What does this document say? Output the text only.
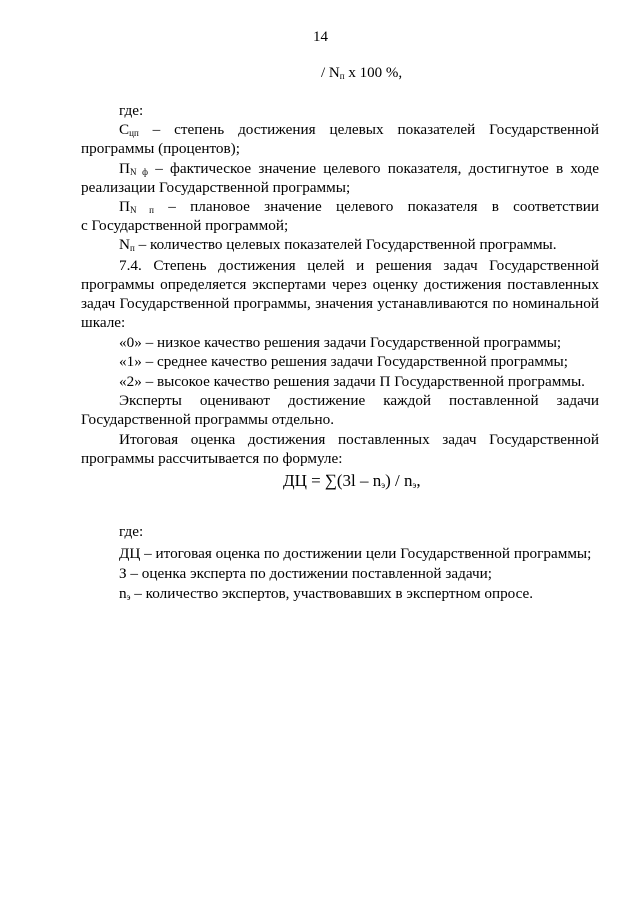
14
/ $N_п$ x 100 %,
где:
$С_{цп}$ – степень достижения целевых показателей Государственной
программы (процентов);
$П_{N ф}$ – фактическое значение целевого показателя, достигнутое в ходе
реализации Государственной программы;
$П_{N п}$ – плановое значение целевого показателя в соответствии
с Государственной программой;
$N_п$ – количество целевых показателей Государственной программы.
7.4. Степень достижения целей и решения задач Государственной
программы определяется экспертами через оценку достижения поставленных
задач Государственной программы, значения устанавливаются по номинальной
шкале:
«0» – низкое качество решения задачи Государственной программы;
«1» – среднее качество решения задачи Государственной программы;
«2» – высокое качество решения задачи П Государственной программы.
Эксперты оценивают достижение каждой поставленной задачи
Государственной программы отдельно.
Итоговая оценка достижения поставленных задач Государственной
программы рассчитывается по формуле:
ДЦ = $\sum(3l - n_э) / n_э$,
где:
ДЦ – итоговая оценка по достижении цели Государственной программы;
З – оценка эксперта по достижении поставленной задачи;
$n_э$ – количество экспертов, участвовавших в экспертном опросе.
